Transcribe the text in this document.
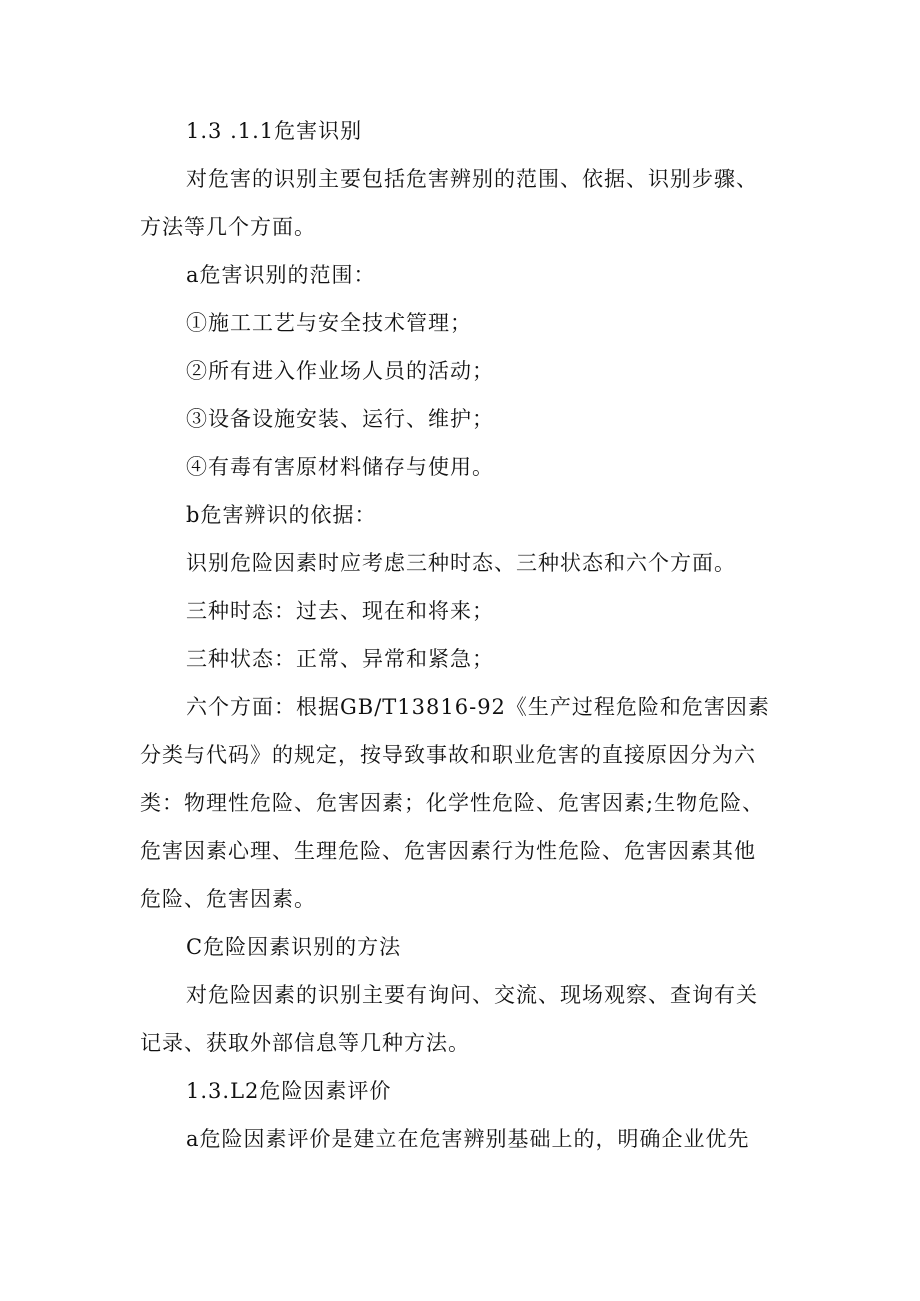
1.3 .1.1危害识别
对危害的识别主要包括危害辨别的范围、依据、识别步骤、
方法等几个方面。
a危害识别的范围：
①施工工艺与安全技术管理；
②所有进入作业场人员的活动；
③设备设施安装、运行、维护；
④有毒有害原材料储存与使用。
b危害辨识的依据：
识别危险因素时应考虑三种时态、三种状态和六个方面。
三种时态：过去、现在和将来；
三种状态：正常、异常和紧急；
六个方面：根据GB/T13816-92《生产过程危险和危害因素
分类与代码》的规定，按导致事故和职业危害的直接原因分为六
类：物理性危险、危害因素；化学性危险、危害因素;生物危险、
危害因素心理、生理危险、危害因素行为性危险、危害因素其他
危险、危害因素。
C危险因素识别的方法
对危险因素的识别主要有询问、交流、现场观察、查询有关
记录、获取外部信息等几种方法。
1.3.L2危险因素评价
a危险因素评价是建立在危害辨别基础上的，明确企业优先
